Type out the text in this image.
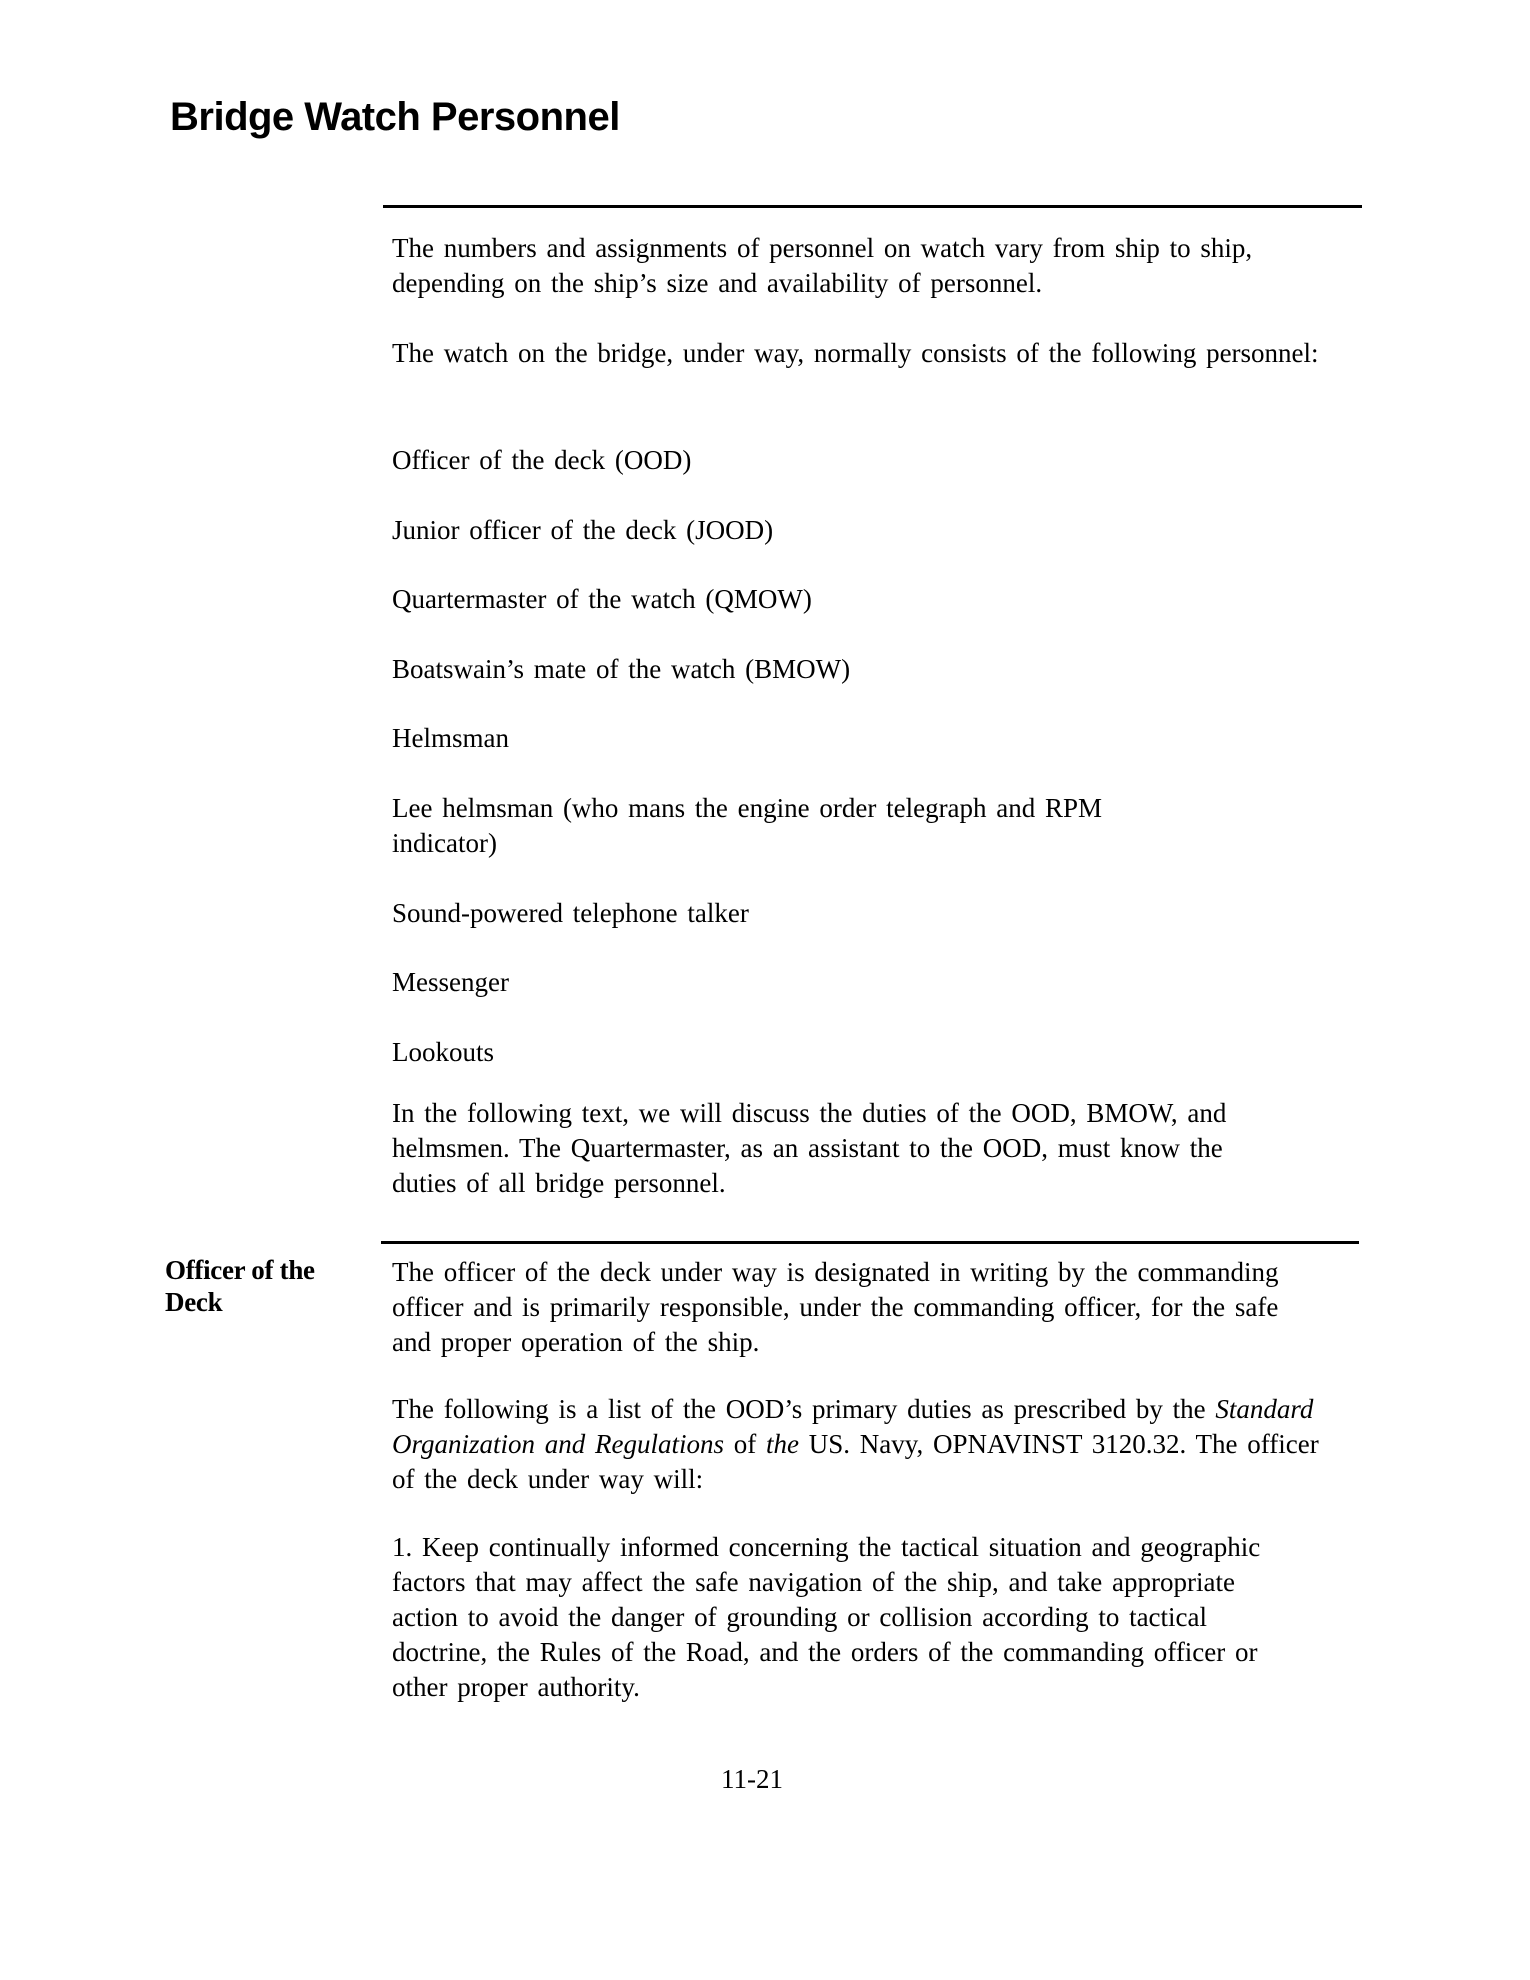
Bridge Watch Personnel

The numbers and assignments of personnel on watch vary from ship to ship, depending on the ship’s size and availability of personnel.

The watch on the bridge, under way, normally consists of the following personnel:

Officer of the deck (OOD)
Junior officer of the deck (JOOD)
Quartermaster of the watch (QMOW)
Boatswain’s mate of the watch (BMOW)
Helmsman
Lee helmsman (who mans the engine order telegraph and RPM indicator)
Sound-powered telephone talker
Messenger
Lookouts

In the following text, we will discuss the duties of the OOD, BMOW, and helmsmen. The Quartermaster, as an assistant to the OOD, must know the duties of all bridge personnel.

Officer of the Deck

The officer of the deck under way is designated in writing by the commanding officer and is primarily responsible, under the commanding officer, for the safe and proper operation of the ship.

The following is a list of the OOD’s primary duties as prescribed by the Standard Organization and Regulations of the US. Navy, OPNAVINST 3120.32. The officer of the deck under way will:

1. Keep continually informed concerning the tactical situation and geographic factors that may affect the safe navigation of the ship, and take appropriate action to avoid the danger of grounding or collision according to tactical doctrine, the Rules of the Road, and the orders of the commanding officer or other proper authority.

11-21
